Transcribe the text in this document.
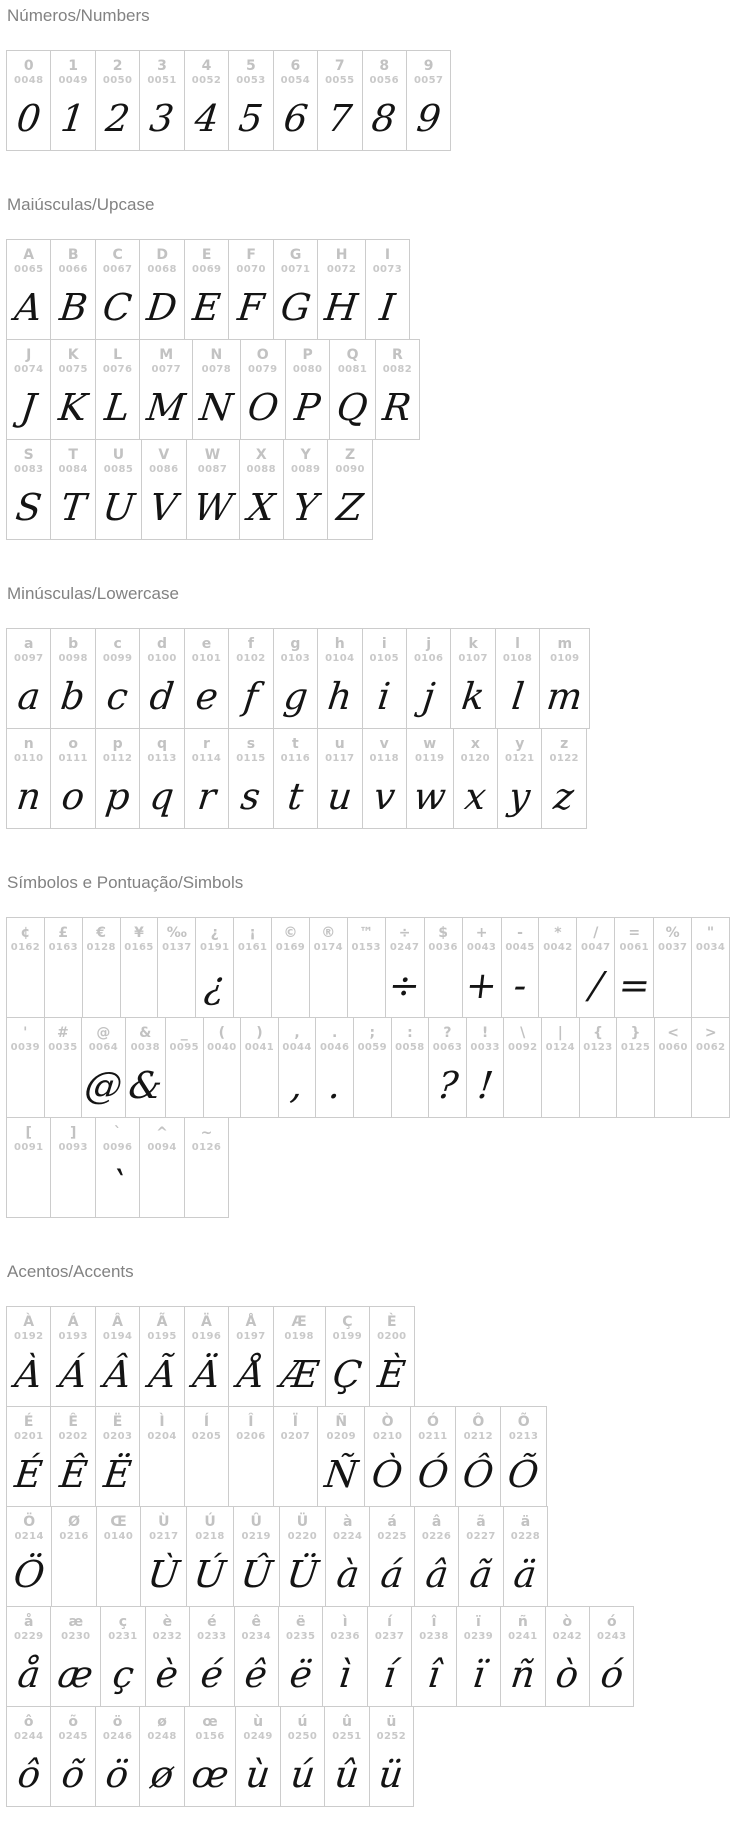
Números/Numbers
0
0048
0
1
0049
1
2
0050
2
3
0051
3
4
0052
4
5
0053
5
6
0054
6
7
0055
7
8
0056
8
9
0057
9
Maiúsculas/Upcase
A
0065
A
B
0066
B
C
0067
C
D
0068
D
E
0069
E
F
0070
F
G
0071
G
H
0072
H
I
0073
I
J
0074
J
K
0075
K
L
0076
L
M
0077
M
N
0078
N
O
0079
O
P
0080
P
Q
0081
Q
R
0082
R
S
0083
S
T
0084
T
U
0085
U
V
0086
V
W
0087
W
X
0088
X
Y
0089
Y
Z
0090
Z
Minúsculas/Lowercase
a
0097
a
b
0098
b
c
0099
c
d
0100
d
e
0101
e
f
0102
f
g
0103
g
h
0104
h
i
0105
i
j
0106
j
k
0107
k
l
0108
l
m
0109
m
n
0110
n
o
0111
o
p
0112
p
q
0113
q
r
0114
r
s
0115
s
t
0116
t
u
0117
u
v
0118
v
w
0119
w
x
0120
x
y
0121
y
z
0122
z
Símbolos e Pontuação/Simbols
¢
0162
£
0163
€
0128
¥
0165
‰
0137
¿
0191
¿
¡
0161
©
0169
®
0174
™
0153
÷
0247
÷
$
0036
+
0043
+
-
0045
-
*
0042
/
0047
/
=
0061
=
%
0037
"
0034
'
0039
#
0035
@
0064
@
&
0038
&
_
0095
(
0040
)
0041
,
0044
,
.
0046
.
;
0059
:
0058
?
0063
?
!
0033
!
\
0092
|
0124
{
0123
}
0125
<
0060
>
0062
[
0091
]
0093
`
0096
`
^
0094
~
0126
Acentos/Accents
À
0192
À
Á
0193
Á
Â
0194
Â
Ã
0195
Ã
Ä
0196
Ä
Å
0197
Å
Æ
0198
Æ
Ç
0199
Ç
È
0200
È
É
0201
É
Ê
0202
Ê
Ë
0203
Ë
Ì
0204
Í
0205
Î
0206
Ï
0207
Ñ
0209
Ñ
Ò
0210
Ò
Ó
0211
Ó
Ô
0212
Ô
Õ
0213
Õ
Ö
0214
Ö
Ø
0216
Œ
0140
Ù
0217
Ù
Ú
0218
Ú
Û
0219
Û
Ü
0220
Ü
à
0224
à
á
0225
á
â
0226
â
ã
0227
ã
ä
0228
ä
å
0229
å
æ
0230
æ
ç
0231
ç
è
0232
è
é
0233
é
ê
0234
ê
ë
0235
ë
ì
0236
ì
í
0237
í
î
0238
î
ï
0239
ï
ñ
0241
ñ
ò
0242
ò
ó
0243
ó
ô
0244
ô
õ
0245
õ
ö
0246
ö
ø
0248
ø
œ
0156
œ
ù
0249
ù
ú
0250
ú
û
0251
û
ü
0252
ü
